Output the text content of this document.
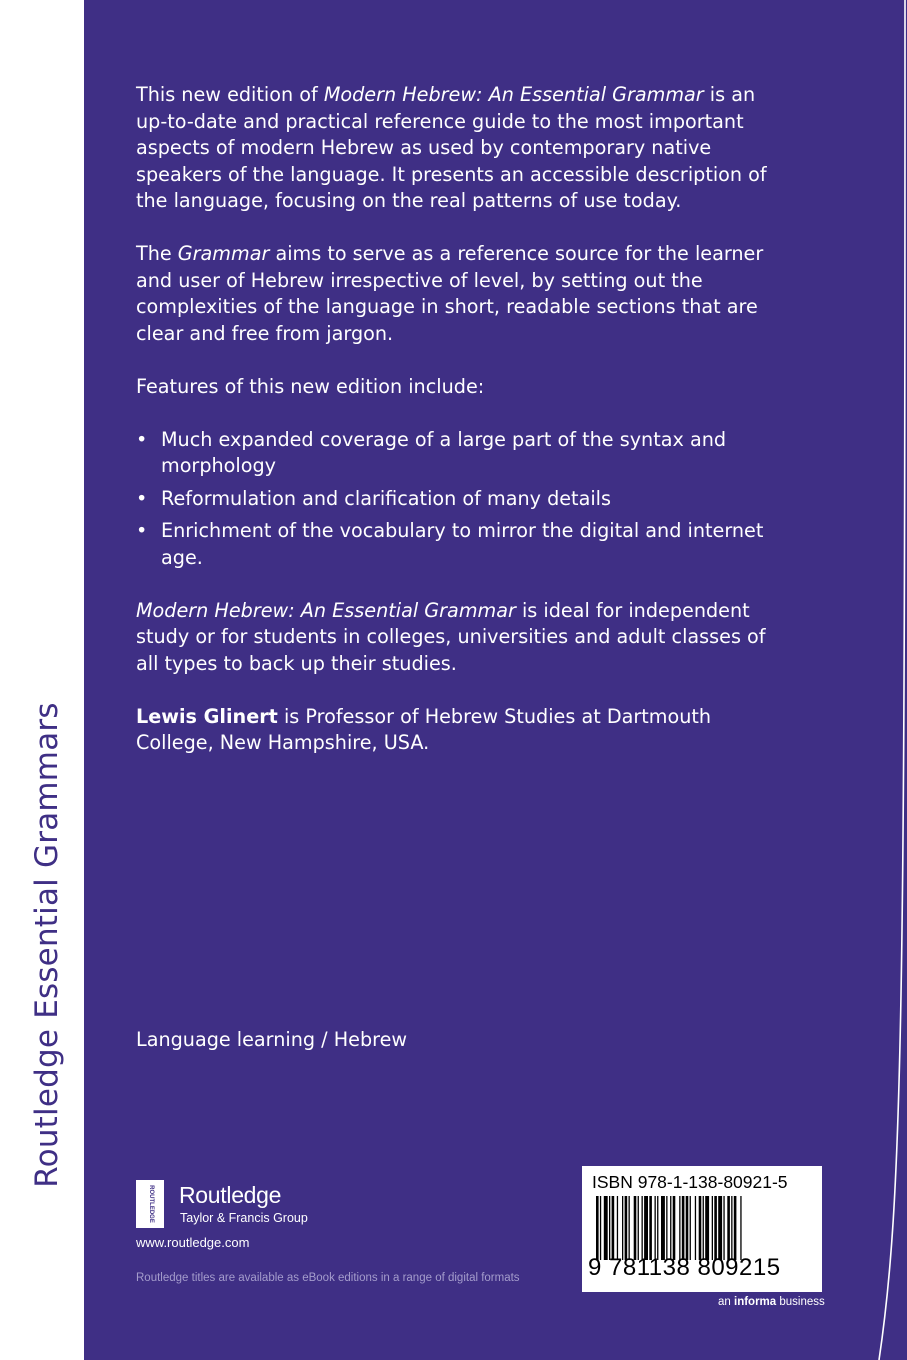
Routledge Essential Grammars

This new edition of Modern Hebrew: An Essential Grammar is an up-to-date and practical reference guide to the most important aspects of modern Hebrew as used by contemporary native speakers of the language. It presents an accessible description of the language, focusing on the real patterns of use today.

The Grammar aims to serve as a reference source for the learner and user of Hebrew irrespective of level, by setting out the complexities of the language in short, readable sections that are clear and free from jargon.

Features of this new edition include:

• Much expanded coverage of a large part of the syntax and morphology
• Reformulation and clarification of many details
• Enrichment of the vocabulary to mirror the digital and internet age.

Modern Hebrew: An Essential Grammar is ideal for independent study or for students in colleges, universities and adult classes of all types to back up their studies.

Lewis Glinert is Professor of Hebrew Studies at Dartmouth College, New Hampshire, USA.

Language learning / Hebrew
ROUTLEDGE Routledge
Taylor & Francis Group
www.routledge.com
Routledge titles are available as eBook editions in a range of digital formats
ISBN 978-1-138-80921-5
9 781138 809215
an informa business
